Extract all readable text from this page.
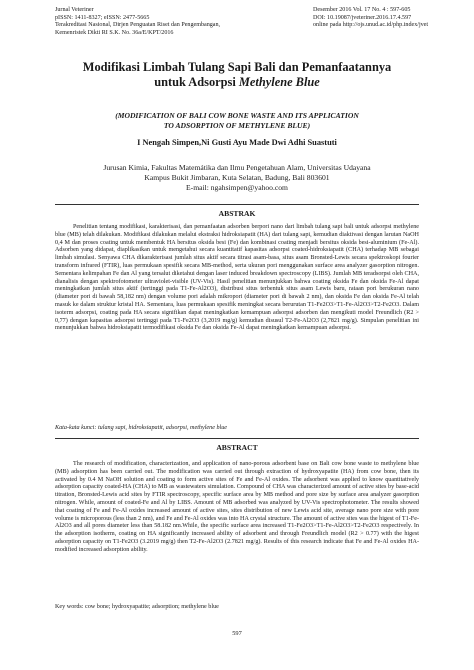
Jurnal Veteriner
pISSN: 1411-8327; eISSN: 2477-5665
Terakreditasi Nasional, Dirjen Penguatan Riset dan Pengembangan,
Kemenristek Dikti RI S.K. No. 36a/E/KPT/2016
Desember 2016 Vol. 17 No. 4 : 597-605
DOI: 10.19087/jveteriner.2016.17.4.597
online pada http://ojs.unud.ac.id/php.index/jvet
Modifikasi Limbah Tulang Sapi Bali dan Pemanfaatannya
untuk Adsorpsi Methylene Blue
(MODIFICATION OF BALI COW BONE WASTE AND ITS APPLICATION
TO ADSORPTION OF METHYLENE BLUE)
I Nengah Simpen,Ni Gusti Ayu Made Dwi Adhi Suastuti
Jurusan Kimia, Fakultas Matemátika dan Ilmu Pengetahuan Alam, Universitas Udayana
Kampus Bukit Jimbaran, Kuta Selatan, Badung, Bali 803601
E-mail: ngahsimpen@yahoo.com
ABSTRAK

Penelitian tentang modifikasi, karakterisasi, dan pemanfaatan adsorben berpori nano dari limbah tulang sapi bali untuk adsorpsi methylene blue (MB) telah dilakukan. Modifikasi dilakukan melalui ekstraksi hidroksiapatit (HA) dari tulang sapi, kemudian diaktivasi dengan larutan NaOH 0,4 M dan proses coating untuk membentuk HA bersitus oksida besi (Fe) dan kombinasi coating menjadi bersitus oksida besi-aluminium (Fe-Al). Adsorben yang didapat, diaplikasikan untuk mengetahui secara kuantitatif kapasitas adsorpsi coated-hidroksiapatit (CHA) terhadap MB sebagai limbah simulasi. Senyawa CHA dikarakterisasi jumlah situs aktif secara titrasi asam-basa, situs asam Bronsted-Lewis secara spektroskopi fourier transform infrared (FTIR), luas permukaan spesifik secara MB-method, serta ukuran pori menggunakan surface area analyzer gasorption nitrogen. Sementara kelimpahan Fe dan Al yang tersalut diketahui dengan laser induced breakdown spectroscopy (LIBS). Jumlah MB teradsorpsi oleh CHA, dianalisis dengan spektrofotometer ultraviolet-visible (UV-Vis). Hasil penelitian menunjukkan bahwa coating oksida Fe dan oksida Fe-Al dapat meningkatkan jumlah situs aktif (tertinggi pada T1-Fe-Al2O3), distribusi situs terbentuk situs asam Lewis baru, rataan pori berukuran nano (diameter pori di bawah 58,182 nm) dengan volume pori adalah mikropori (diameter pori di bawah 2 nm), dan oksida Fe dan oksida Fe-Al telah masuk ke dalam struktur kristal HA. Sementara, luas permukaan spesifik meningkat secara berurutan T1-Fe2O3>T1-Fe-Al2O3>T2-Fe2O3. Dalam isoterm adsorpsi, coating pada HA secara signifikan dapat meningkatkan kemampuan adsorpsi adsorben dan mengikuti model Freundlich (R2 > 0,77) dengan kapasitas adsorpsi tertinggi pada T1-Fe2O3 (3,2019 mg/g) kemudian disusul T2-Fe-Al2O3 (2,7821 mg/g). Simpulan penelitian ini menunjukkan bahwa hidroksiapatit termodifikasi oksida Fe dan oksida Fe-Al dapat meningkatkan kemampuan adsorpsi.

Kata-kata kunci: tulang sapi, hidroksiapatit, adsorpsi, methylene blue
ABSTRACT

The research of modification, characterization, and application of nano-porous adsorbent base on Bali cow bone waste to methylene blue (MB) adsorption has been carried out. The modification was carried out through extraction of hydroxyapatite (HA) from cow bone, then its activated by 0.4 M NaOH solution and coating to form active sites of Fe and Fe-Al oxides. The adsorbent was applied to know quantitatively adsorption capacity coated-HA (CHA) to MB as wastewaters simulation. Compound of CHA was characterized amount of active sites by base-acid titration, Bronsted-Lewis acid sites by FTIR spectroscopy, specific surface area by MB method and pore size by surface area analyzer gasorption nitrogen. While, amount of coated-Fe and Al by LIBS. Amount of MB adsorbed was analyzed by UV-Vis spectrophotometer. The results showed that coating of Fe and Fe-Al oxides increased amount of active sites, sites distribution of new Lewis acid site, average nano pore size with pore volume is microporous (less than 2 nm), and Fe and Fe-Al oxides was into HA crystal structure. The amount of active sites was the higest of T1-Fe-Al2O3 and all pores diameter less than 58.182 nm.While, the specific surface area increased T1-Fe2O3>T1-Fe-Al2O3>T2-Fe2O3 respectively. In the adsorption isotherm, coating on HA significantly increased ability of adsorbent and through Freundlich model (R2 > 0.77) with the higest adsorption capacity on T1-Fe2O3 (3.2019 mg/g) then T2-Fe-Al2O3 (2.7821 mg/g). Results of this research indicate that Fe and Fe-Al oxides HA-modified increased adsorption ability.

Key words: cow bone; hydroxyapatite; adsorption; methylene blue
597
